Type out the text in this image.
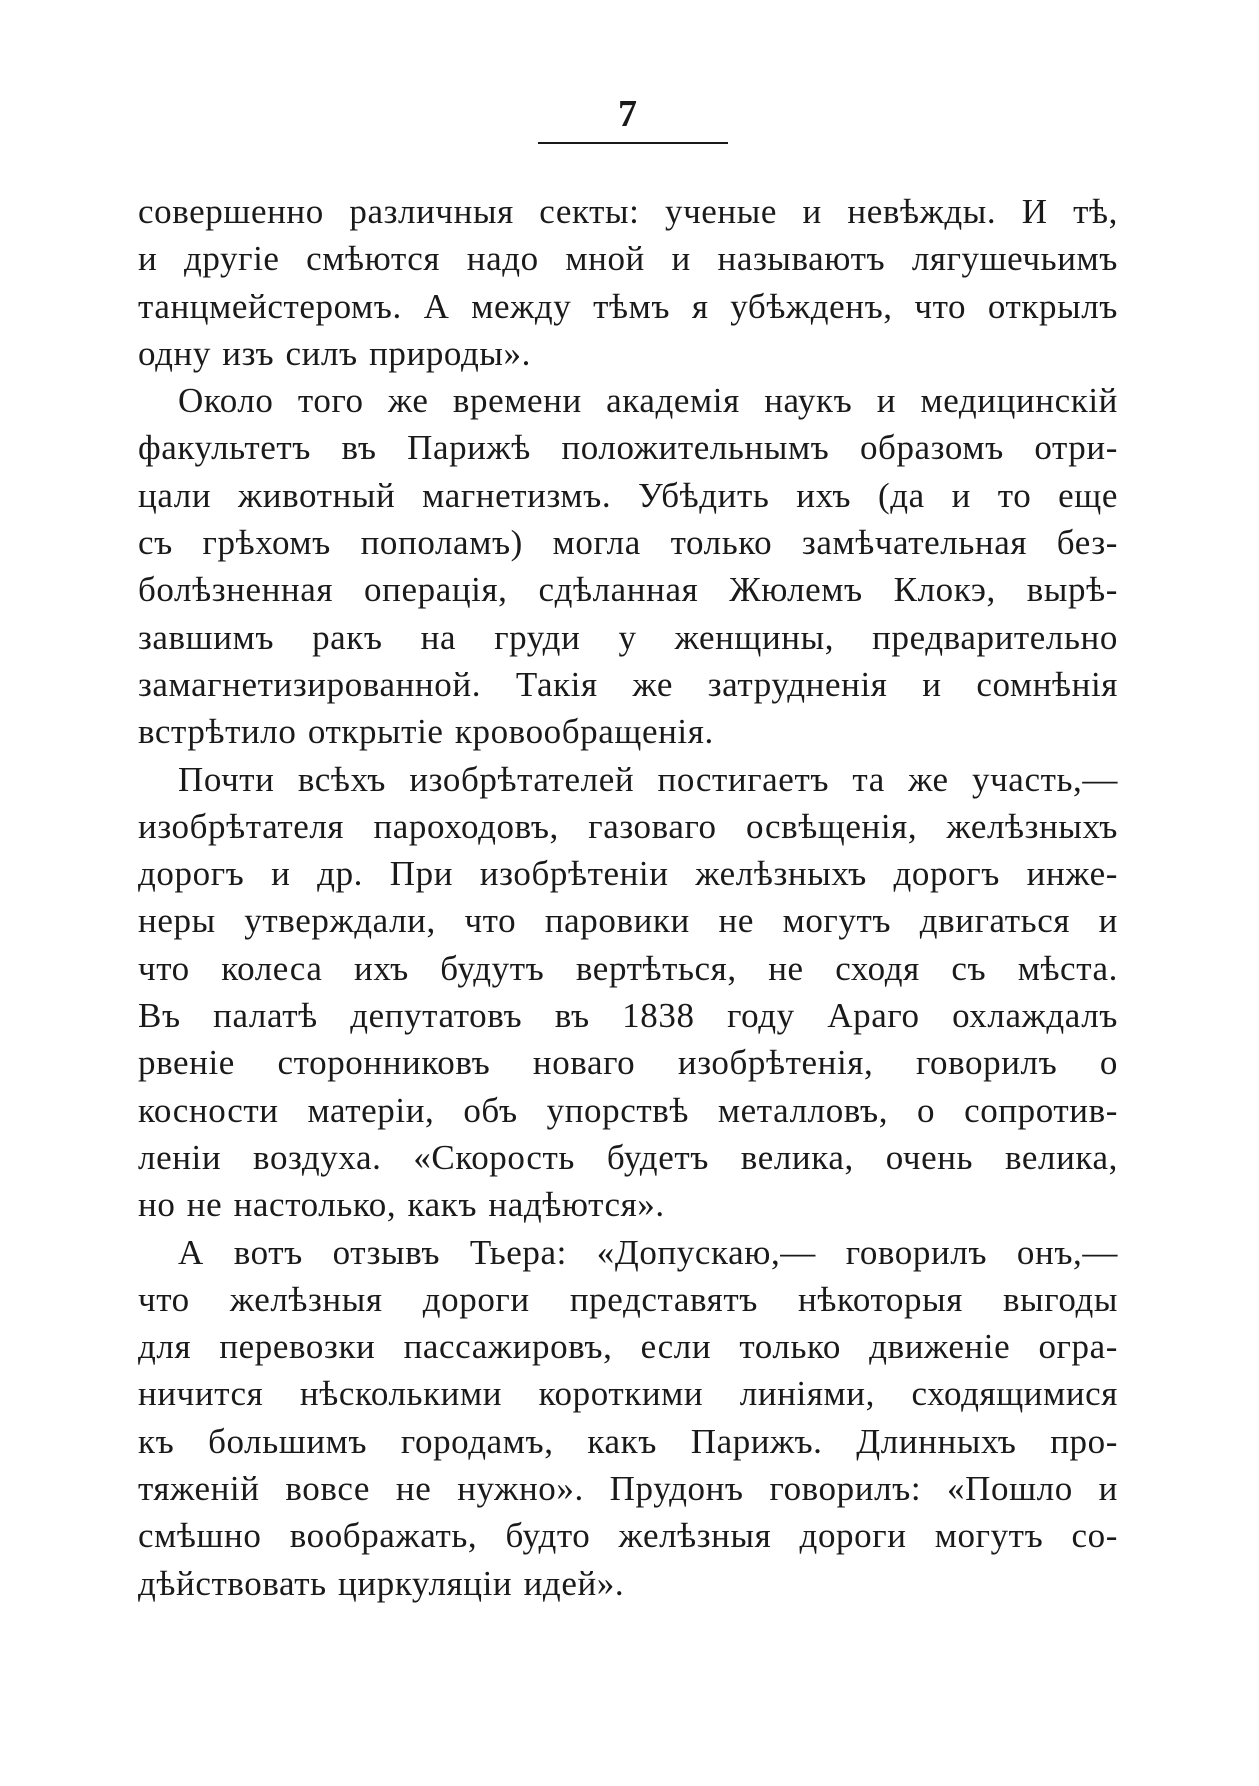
7
совершенно различныя секты: ученые и невѣжды. И тѣ,
и другіе смѣются надо мной и называютъ лягушечьимъ
танцмейстеромъ. А между тѣмъ я убѣжденъ, что открылъ
одну изъ силъ природы».
Около того же времени академія наукъ и медицинскій
факультетъ въ Парижѣ положительнымъ образомъ отри-
цали животный магнетизмъ. Убѣдить ихъ (да и то еще
съ грѣхомъ пополамъ) могла только замѣчательная без-
болѣзненная операція, сдѣланная Жюлемъ Клокэ, вырѣ-
завшимъ ракъ на груди у женщины, предварительно
замагнетизированной. Такія же затрудненія и сомнѣнія
встрѣтило открытіе кровообращенія.
Почти всѣхъ изобрѣтателей постигаетъ та же участь,—
изобрѣтателя пароходовъ, газоваго освѣщенія, желѣзныхъ
дорогъ и др. При изобрѣтеніи желѣзныхъ дорогъ инже-
неры утверждали, что паровики не могутъ двигаться и
что колеса ихъ будутъ вертѣться, не сходя съ мѣста.
Въ палатѣ депутатовъ въ 1838 году Араго охлаждалъ
рвеніе сторонниковъ новаго изобрѣтенія, говорилъ о
косности матеріи, объ упорствѣ металловъ, о сопротив-
леніи воздуха. «Скорость будетъ велика, очень велика,
но не настолько, какъ надѣются».
А вотъ отзывъ Тьера: «Допускаю,— говорилъ онъ,—
что желѣзныя дороги представятъ нѣкоторыя выгоды
для перевозки пассажировъ, если только движеніе огра-
ничится нѣсколькими короткими линіями, сходящимися
къ большимъ городамъ, какъ Парижъ. Длинныхъ про-
тяженій вовсе не нужно». Прудонъ говорилъ: «Пошло и
смѣшно воображать, будто желѣзныя дороги могутъ со-
дѣйствовать циркуляціи идей».
